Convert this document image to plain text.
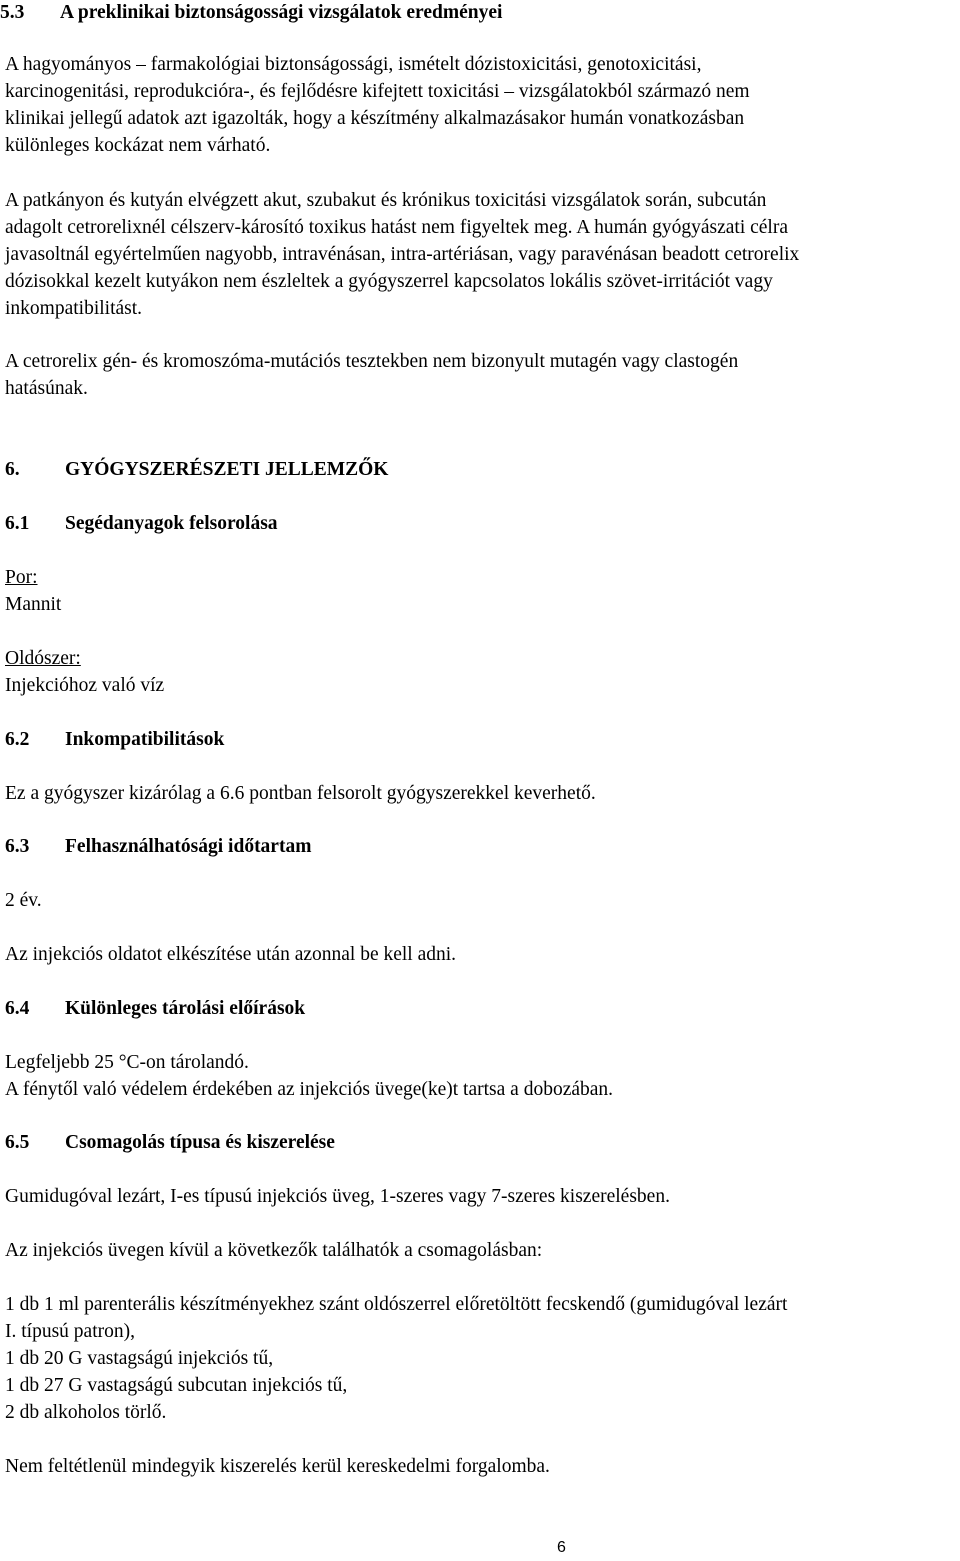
5.3 A preklinikai biztonságossági vizsgálatok eredményei

A hagyományos – farmakológiai biztonságossági, ismételt dózistoxicitási, genotoxicitási,

karcinogenitási, reprodukcióra-, és fejlődésre kifejtett toxicitási – vizsgálatokból származó nem

klinikai jellegű adatok azt igazolták, hogy a készítmény alkalmazásakor humán vonatkozásban

különleges kockázat nem várható.

A patkányon és kutyán elvégzett akut, szubakut és krónikus toxicitási vizsgálatok során, subcután

adagolt cetrorelixnél célszerv-károsító toxikus hatást nem figyeltek meg. A humán gyógyászati célra

javasoltnál egyértelműen nagyobb, intravénásan, intra-artériásan, vagy paravénásan beadott cetrorelix

dózisokkal kezelt kutyákon nem észleltek a gyógyszerrel kapcsolatos lokális szövet-irritációt vagy

inkompatibilitást.

A cetrorelix gén- és kromoszóma-mutációs tesztekben nem bizonyult mutagén vagy clastogén

hatásúnak.

6. GYÓGYSZERÉSZETI JELLEMZŐK
6.1 Segédanyagok felsorolása

Por:

Mannit

Oldószer:

Injekcióhoz való víz

6.2 Inkompatibilitások

Ez a gyógyszer kizárólag a 6.6 pontban felsorolt gyógyszerekkel keverhető.

6.3 Felhasználhatósági időtartam

2 év.

Az injekciós oldatot elkészítése után azonnal be kell adni.

6.4 Különleges tárolási előírások

Legfeljebb 25 °C-on tárolandó.

A fénytől való védelem érdekében az injekciós üvege(ke)t tartsa a dobozában.

6.5 Csomagolás típusa és kiszerelése

Gumidugóval lezárt, I-es típusú injekciós üveg, 1-szeres vagy 7-szeres kiszerelésben.

Az injekciós üvegen kívül a következők találhatók a csomagolásban:

1 db 1 ml parenterális készítményekhez szánt oldószerrel előretöltött fecskendő (gumidugóval lezárt

I. típusú patron),

1 db 20 G vastagságú injekciós tű,

1 db 27 G vastagságú subcutan injekciós tű,

2 db alkoholos törlő.

Nem feltétlenül mindegyik kiszerelés kerül kereskedelmi forgalomba.

6
